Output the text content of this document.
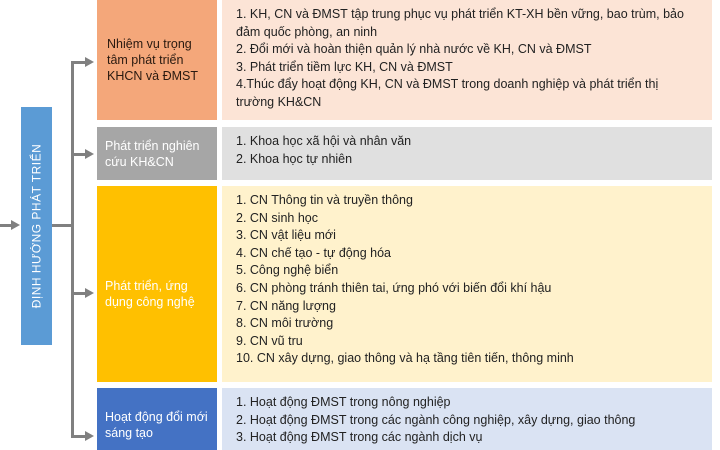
ĐỊNH HƯỚNG PHÁT TRIỂN
Nhiệm vụ trọng tâm phát triển KHCN và ĐMST
Phát triển nghiên cứu KH&CN
Phát triển, ứng dụng công nghệ
Hoạt động đổi mới sáng tạo
1. KH, CN và ĐMST tập trung phục vụ phát triển KT-XH bền vững, bao trùm, bảo đảm quốc phòng, an ninh
2. Đổi mới và hoàn thiện quản lý nhà nước về KH, CN và ĐMST
3. Phát triển tiềm lực KH, CN và ĐMST
4.Thúc đẩy hoạt động KH, CN và ĐMST trong doanh nghiệp và phát triển thị trường KH&CN
1. Khoa học xã hội và nhân văn
2. Khoa học tự nhiên
1. CN Thông tin và truyền thông
2. CN sinh học
3. CN vật liệu mới
4. CN chế tạo - tự động hóa
5. Công nghệ biển
6. CN phòng tránh thiên tai, ứng phó với biến đổi khí hậu
7. CN năng lượng
8. CN môi trường
9. CN vũ tru
10. CN xây dựng, giao thông và hạ tầng tiên tiến, thông minh
1. Hoạt động ĐMST trong nông nghiệp
2. Hoạt động ĐMST trong các ngành công nghiệp, xây dựng, giao thông
3. Hoạt động ĐMST trong các ngành dịch vụ
